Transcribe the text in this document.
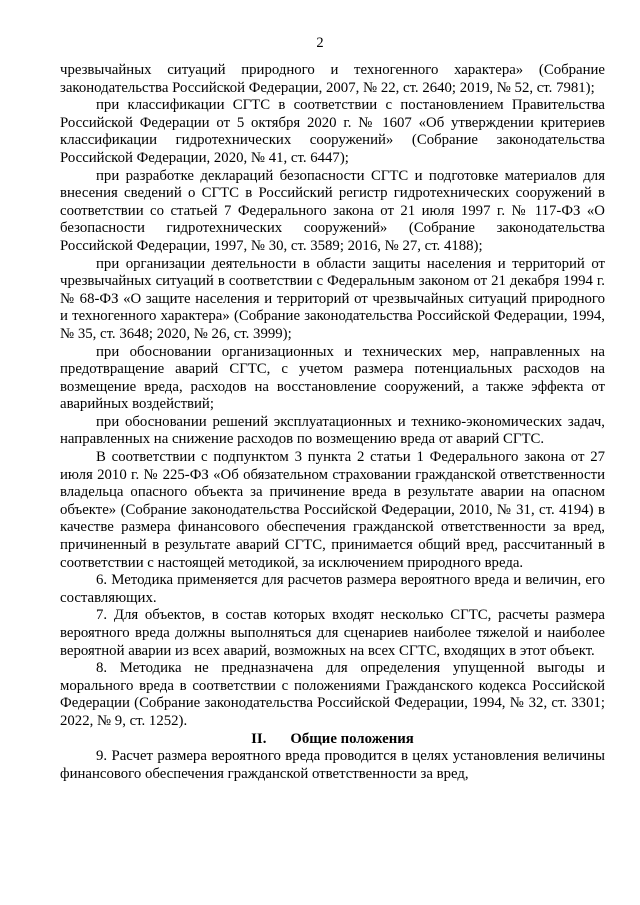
2

чрезвычайных ситуаций природного и техногенного характера» (Собрание законодательства Российской Федерации, 2007, № 22, ст. 2640; 2019, № 52, ст. 7981);

при классификации СГТС в соответствии с постановлением Правительства Российской Федерации от 5 октября 2020 г. № 1607 «Об утверждении критериев классификации гидротехнических сооружений» (Собрание законодательства Российской Федерации, 2020, № 41, ст. 6447);

при разработке деклараций безопасности СГТС и подготовке материалов для внесения сведений о СГТС в Российский регистр гидротехнических сооружений в соответствии со статьей 7 Федерального закона от 21 июля 1997 г. № 117-ФЗ «О безопасности гидротехнических сооружений» (Собрание законодательства Российской Федерации, 1997, № 30, ст. 3589; 2016, № 27, ст. 4188);

при организации деятельности в области защиты населения и территорий от чрезвычайных ситуаций в соответствии с Федеральным законом от 21 декабря 1994 г. № 68-ФЗ «О защите населения и территорий от чрезвычайных ситуаций природного и техногенного характера» (Собрание законодательства Российской Федерации, 1994, № 35, ст. 3648; 2020, № 26, ст. 3999);

при обосновании организационных и технических мер, направленных на предотвращение аварий СГТС, с учетом размера потенциальных расходов на возмещение вреда, расходов на восстановление сооружений, а также эффекта от аварийных воздействий;

при обосновании решений эксплуатационных и технико-экономических задач, направленных на снижение расходов по возмещению вреда от аварий СГТС.

В соответствии с подпунктом 3 пункта 2 статьи 1 Федерального закона от 27 июля 2010 г. № 225-ФЗ «Об обязательном страховании гражданской ответственности владельца опасного объекта за причинение вреда в результате аварии на опасном объекте» (Собрание законодательства Российской Федерации, 2010, № 31, ст. 4194) в качестве размера финансового обеспечения гражданской ответственности за вред, причиненный в результате аварий СГТС, принимается общий вред, рассчитанный в соответствии с настоящей методикой, за исключением природного вреда.

6. Методика применяется для расчетов размера вероятного вреда и величин, его составляющих.

7. Для объектов, в состав которых входят несколько СГТС, расчеты размера вероятного вреда должны выполняться для сценариев наиболее тяжелой и наиболее вероятной аварии из всех аварий, возможных на всех СГТС, входящих в этот объект.

8. Методика не предназначена для определения упущенной выгоды и морального вреда в соответствии с положениями Гражданского кодекса Российской Федерации (Собрание законодательства Российской Федерации, 1994, № 32, ст. 3301; 2022, № 9, ст. 1252).

II. Общие положения

9. Расчет размера вероятного вреда проводится в целях установления величины финансового обеспечения гражданской ответственности за вред,
